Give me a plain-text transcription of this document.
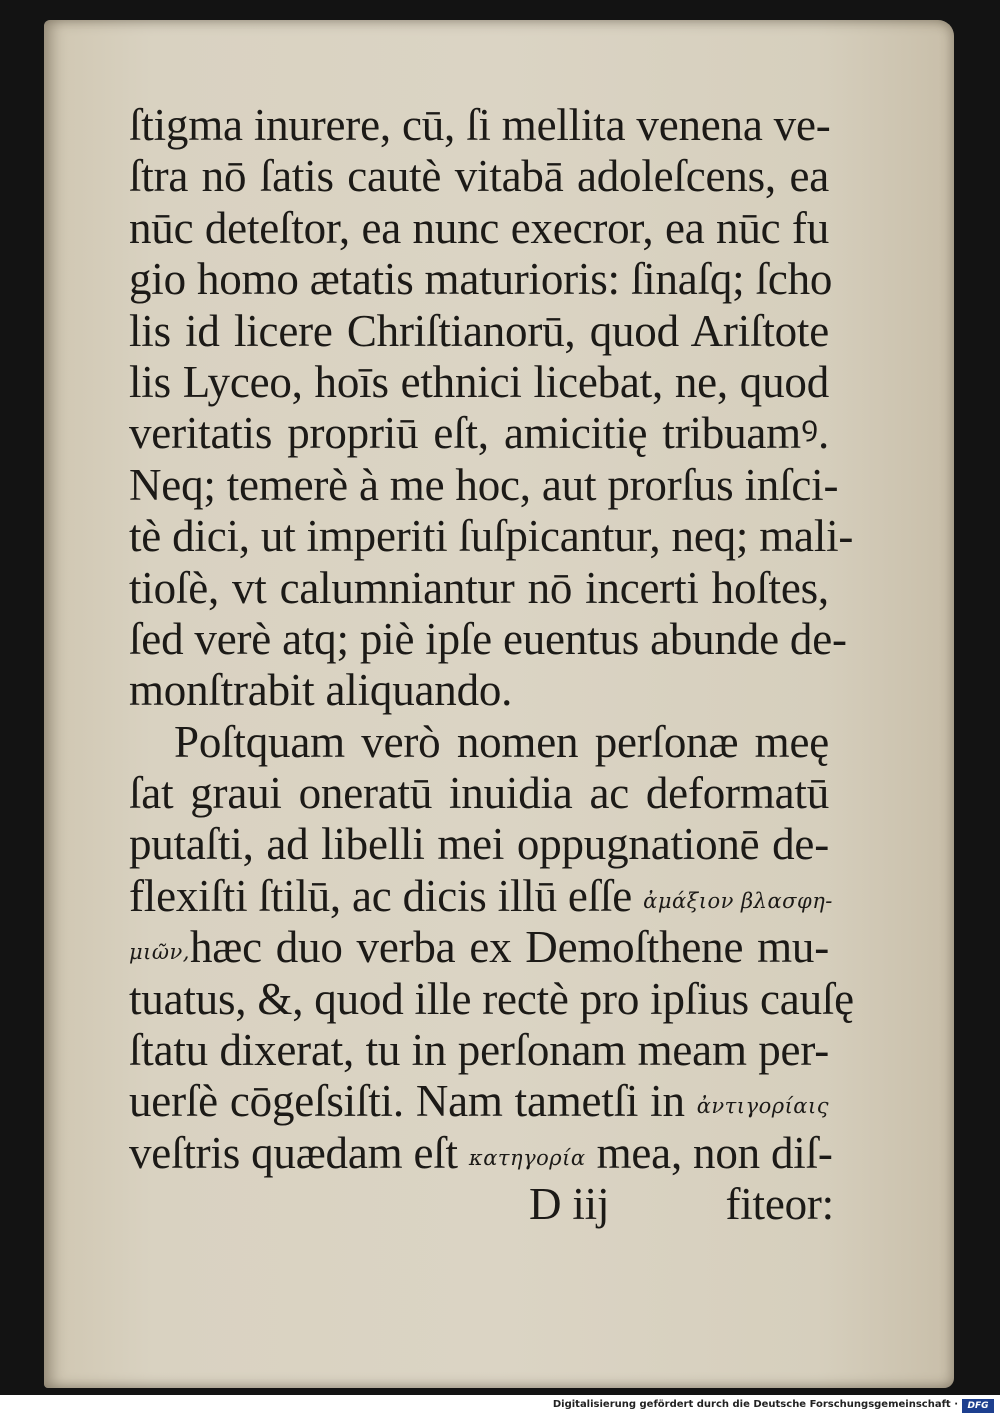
ſtigma inurere, cū, ſi mellita venena ve-
ſtra nō ſatis cautè vitabā adoleſcens, ea
nūc deteſtor, ea nunc execror, ea nūc fu
gio homo ætatis maturioris: ſinaſq; ſcho
lis id licere Chriſtianorū, quod Ariſtote
lis Lyceo, hoīs ethnici licebat, ne, quod
veritatis propriū eſt, amicitię tribuamꝰ.
Neq; temerè à me hoc, aut prorſus inſci-
tè dici, ut imperiti ſuſpicantur, neq; mali-
tioſè, vt calumniantur nō incerti hoſtes,
ſed verè atq; piè ipſe euentus abunde de-
monſtrabit aliquando.
Poſtquam verò nomen perſonæ meę
ſat graui oneratū inuidia ac deformatū
putaſti, ad libelli mei oppugnationē de-
flexiſti ſtilū, ac dicis illū eſſe ἀμάξιον βλασφη-
μιῶν,hæc duo verba ex Demoſthene mu-
tuatus, &, quod ille rectè pro ipſius cauſę
ſtatu dixerat, tu in perſonam meam per-
uerſè cōgeſsiſti. Nam tametſi in ἀντιγορίαις
veſtris quædam eſt κατηγορία mea, non diſ-
D iij	fiteor:
Digitalisierung gefördert durch die Deutsche Forschungsgemeinschaft ·	DFG
